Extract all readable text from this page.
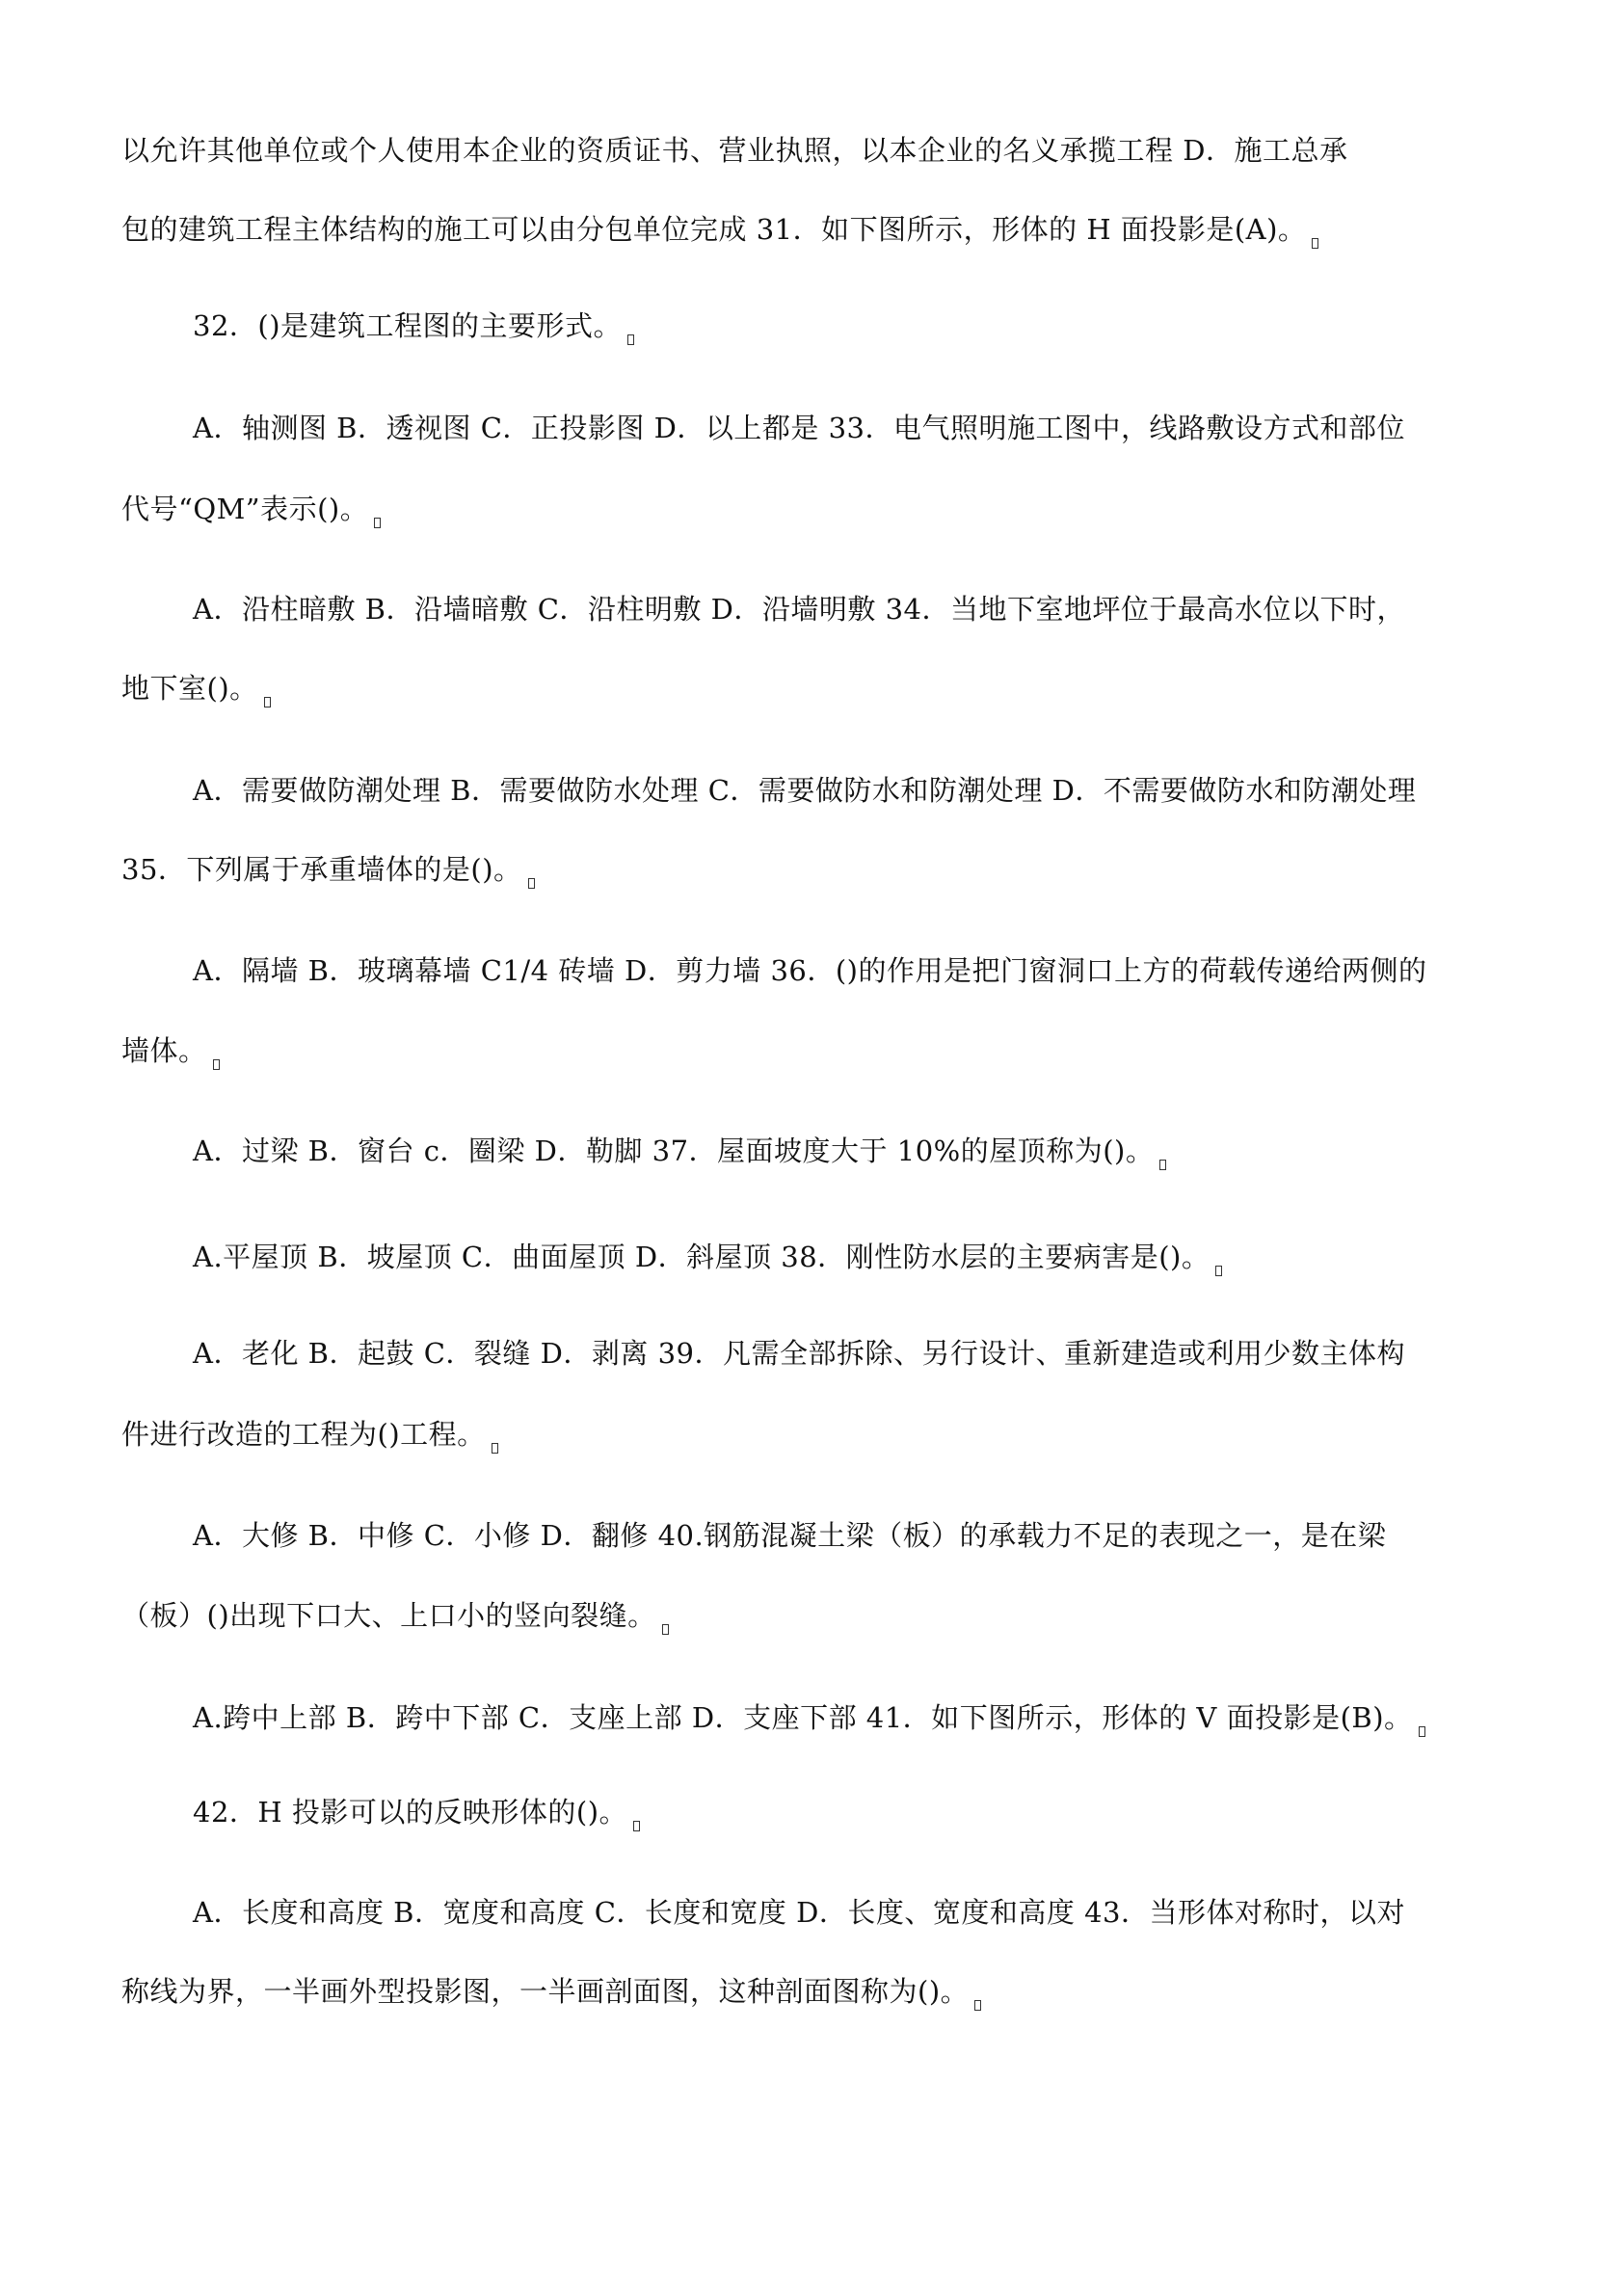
以允许其他单位或个人使用本企业的资质证书、营业执照，以本企业的名义承揽工程 D．施工总承
包的建筑工程主体结构的施工可以由分包单位完成 31．如下图所示，形体的 H 面投影是(A)。
32．()是建筑工程图的主要形式。
A．轴测图 B．透视图 C．正投影图 D．以上都是 33．电气照明施工图中，线路敷设方式和部位
代号“QM”表示()。
A．沿柱暗敷 B．沿墙暗敷 C．沿柱明敷 D．沿墙明敷 34．当地下室地坪位于最高水位以下时，
地下室()。
A．需要做防潮处理 B．需要做防水处理 C．需要做防水和防潮处理 D．不需要做防水和防潮处理
35．下列属于承重墙体的是()。
A．隔墙 B．玻璃幕墙 C1/4 砖墙 D．剪力墙 36．()的作用是把门窗洞口上方的荷载传递给两侧的
墙体。
A．过梁 B．窗台 c．圈梁 D．勒脚 37．屋面坡度大于 10%的屋顶称为()。
A.平屋顶 B．坡屋顶 C．曲面屋顶 D．斜屋顶 38．刚性防水层的主要病害是()。
A．老化 B．起鼓 C．裂缝 D．剥离 39．凡需全部拆除、另行设计、重新建造或利用少数主体构
件进行改造的工程为()工程。
A．大修 B．中修 C．小修 D．翻修 40.钢筋混凝土梁（板）的承载力不足的表现之一，是在梁
（板）()出现下口大、上口小的竖向裂缝。
A.跨中上部 B．跨中下部 C．支座上部 D．支座下部 41．如下图所示，形体的 V 面投影是(B)。
42．H 投影可以的反映形体的()。
A．长度和高度 B．宽度和高度 C．长度和宽度 D．长度、宽度和高度 43．当形体对称时，以对
称线为界，一半画外型投影图，一半画剖面图，这种剖面图称为()。
